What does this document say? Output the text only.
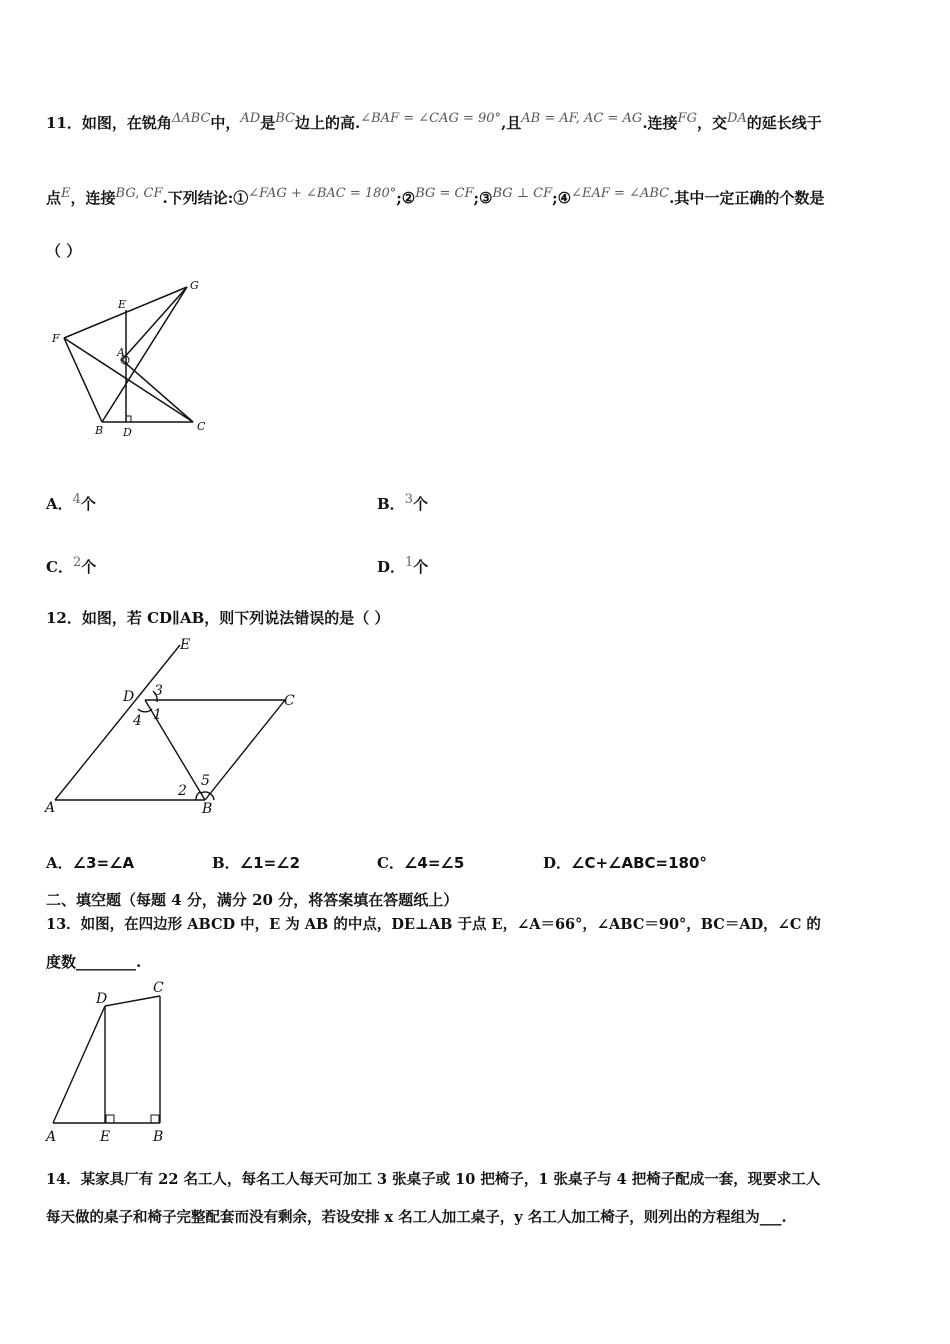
11．如图，在锐角ΔABC中，AD是BC边上的高.∠BAF = ∠CAG = 90°,且AB = AF, AC = AG.连接FG，交DA的延长线于
点E，连接BG, CF.下列结论:①∠FAG + ∠BAC = 180°;②BG = CF;③BG ⊥ CF;④∠EAF = ∠ABC.其中一定正确的个数是
（ ）
G
E
F
A
B D	C
A．4个	B．3个
C．2个	D．1个
12．如图，若 CD∥AB，则下列说法错误的是（ ）
E
D 3
C
4 1
2
5
A	B
A．∠3=∠A	B．∠1=∠2	C．∠4=∠5	D．∠C+∠ABC=180°
二、填空题（每题 4 分，满分 20 分，将答案填在答题纸上）
13．如图，在四边形 ABCD 中，E 为 AB 的中点，DE⊥AB 于点 E，∠A＝66°，∠ABC＝90°，BC＝AD，∠C 的
度数________.
D
C
A	E	B
14．某家具厂有 22 名工人，每名工人每天可加工 3 张桌子或 10 把椅子，1 张桌子与 4 把椅子配成一套，现要求工人
每天做的桌子和椅子完整配套而没有剩余，若设安排 x 名工人加工桌子，y 名工人加工椅子，则列出的方程组为___.
